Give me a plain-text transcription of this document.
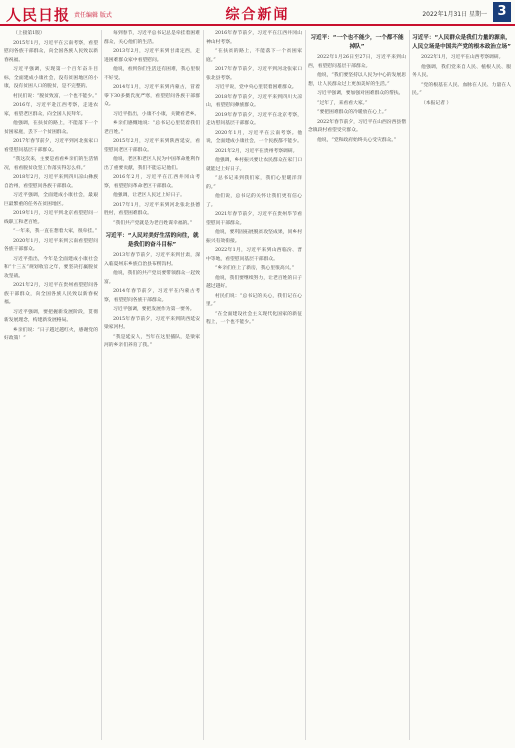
人民日报 责任编辑 版式	综合新闻	2022年1月31日 星期一 3

（上接第1版）

2015年1月，习近平在云南考察，看望慰问各族干部群众，向全国各族人民致以新春祝福。

习近平强调，实现第一个百年奋斗目标，全面建成小康社会，没有贫困地区的小康，没有贫困人口的脱贫，是不完整的。

村民们说：“脱贫致富，一个也不能少。”

2016年，习近平赴江西考察，走进农家，看望老区群众，向全国人民拜年。

他强调，在扶贫的路上，不能落下一个贫困家庭，丢下一个贫困群众。

2017年春节前夕，习近平到河北张家口看望慰问基层干部群众。

“我这次来，主要是看看乡亲们的生活情况，看看脱贫攻坚工作落实得怎么样。”

2018年2月，习近平来到四川凉山彝族自治州，看望慰问各族干部群众。

习近平强调，全面建成小康社会，最艰巨最繁重的任务在贫困地区。

2019年1月，习近平到北京看望慰问一线职工和老百姓。

“一年来，我一直在想着大家，很牵挂。”

2020年1月，习近平来到云南看望慰问各族干部群众。

习近平指出，今年是全面建成小康社会和“十三五”规划收官之年，要坚决打赢脱贫攻坚战。

2021年2月，习近平在贵州看望慰问各族干部群众，向全国各族人民致以新春祝福。

习近平强调，要把握新发展阶段，贯彻新发展理念，构建新发展格局。

乡亲们说：“日子越过越红火，感谢党的好政策！”

每到春节，习近平总书记总是牵挂着困难群众，关心他们的生活。

2013年2月，习近平来到甘肃定西，走进困难群众家中看望慰问。

他说，看到你们生活还有困难，我心里很不好受。

2014年1月，习近平来到内蒙古，冒着零下30多摄氏度严寒，看望慰问各族干部群众。

习近平指出，小康不小康，关键看老乡。

乡亲们感慨地说：“总书记心里装着我们老百姓。”

2015年2月，习近平来到陕西延安，看望慰问老区干部群众。

他说，老区和老区人民为中国革命胜利作出了重要贡献，我们不能忘记他们。

2016年2月，习近平在江西井冈山考察，看望慰问革命老区干部群众。

他强调，让老区人民过上好日子。

2017年1月，习近平来到河北张北县德胜村，看望困难群众。

“我们共产党就是为老百姓谋幸福的。”

习近平：“人民对美好生活的向往，就是我们的奋斗目标”

2013年春节前夕，习近平来到甘肃，深入临夏州东乡族自治县布楞沟村。

他说，我们的共产党员要带领群众一起致富。

2014年春节前夕，习近平在内蒙古考察，看望慰问各族干部群众。

习近平强调，要把发展作为第一要务。

2015年春节前夕，习近平来到陕西延安梁家河村。

“我是延安人，当年在这里插队，是梁家河的乡亲们养育了我。”

2016年春节前夕，习近平在江西井冈山神山村考察。

“在扶贫的路上，不能落下一个贫困家庭。”

2017年春节前夕，习近平到河北张家口张北县考察。

习近平说，党中央心里装着困难群众。

2018年春节前夕，习近平来到四川大凉山，看望慰问彝族群众。

2019年春节前夕，习近平在北京考察，走访慰问基层干部群众。

2020年1月，习近平在云南考察。他说，全面建成小康社会，一个民族都不能少。

2021年2月，习近平在贵州考察调研。

他强调，乡村振兴要让农民群众在家门口就能过上好日子。

“总书记来到我们家，我们心里暖洋洋的。”

他们说，总书记的关怀让我们更有信心了。

2021年春节前夕，习近平在贵州毕节看望慰问干部群众。

他说，要巩固拓展脱贫攻坚成果，同乡村振兴有效衔接。

2022年1月，习近平来到山西临汾、晋中等地，看望慰问基层干部群众。

“乡亲们住上了新房，我心里很高兴。”

他说，我们要继续努力，让老百姓的日子越过越好。

村民们说：“总书记的关心，我们记在心里。”

“在全面建设社会主义现代化国家的新征程上，一个也不能少。”

习近平：“一个也不能少，一个都不能掉队”

2022年1月26日至27日，习近平来到山西，看望慰问基层干部群众。

他说，“我们要坚持以人民为中心的发展思想，让人民群众过上更加美好的生活。”

习近平强调，要加强对困难群众的帮扶。

“过年了，来看看大家。”

“要把困难群众的冷暖放在心上。”

2022年春节前夕，习近平在山西汾西县僧念镇段村看望受灾群众。

他说，“党和政府始终关心受灾群众。”

习近平：“人民群众是我们力量的源泉，人民立场是中国共产党的根本政治立场”

2022年1月，习近平在山西考察调研。

他强调，我们党来自人民、植根人民、服务人民。

“党的根基在人民、血脉在人民、力量在人民。”

（本报记者 ）
